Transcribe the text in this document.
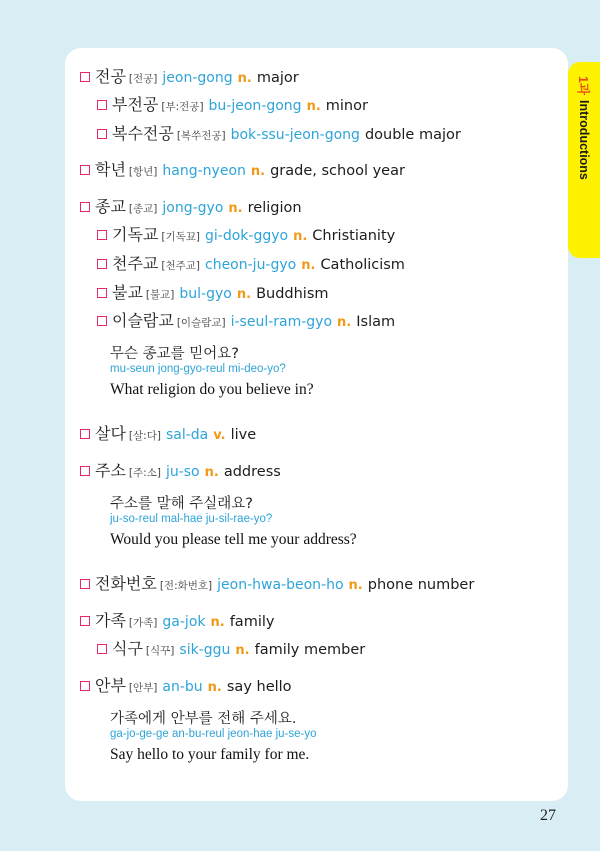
1과
Introductions
전공 [전공] jeon-gong n. major
부전공 [부:전공] bu-jeon-gong n. minor
복수전공 [복쑤전공] bok-ssu-jeon-gong double major
학년 [항년] hang-nyeon n. grade, school year
종교 [종교] jong-gyo n. religion
기독교 [기독꾜] gi-dok-ggyo n. Christianity
천주교 [천주교] cheon-ju-gyo n. Catholicism
불교 [불교] bul-gyo n. Buddhism
이슬람교 [이슬람교] i-seul-ram-gyo n. Islam
무슨 종교를 믿어요?
mu-seun jong-gyo-reul mi-deo-yo?
What religion do you believe in?
살다 [살:다] sal-da v. live
주소 [주:소] ju-so n. address
주소를 말해 주실래요?
ju-so-reul mal-hae ju-sil-rae-yo?
Would you please tell me your address?
전화번호 [전:화번호] jeon-hwa-beon-ho n. phone number
가족 [가족] ga-jok n. family
식구 [식꾸] sik-ggu n. family member
안부 [안부] an-bu n. say hello
가족에게 안부를 전해 주세요.
ga-jo-ge-ge an-bu-reul jeon-hae ju-se-yo
Say hello to your family for me.
27
